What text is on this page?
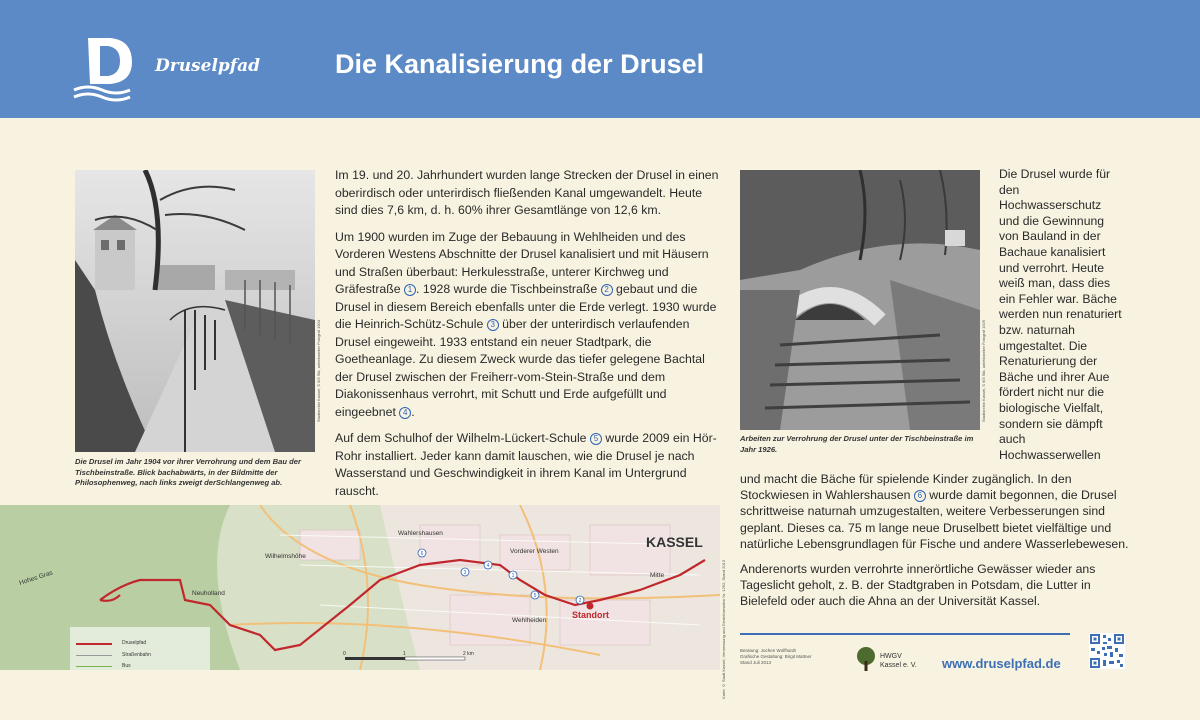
Druselpfad	Die Kanalisierung der Drusel
Stadtarchiv Kassel, S 6/3 Stk, unbekannter Fotograf 1904
Die Drusel im Jahr 1904 vor ihrer Verrohrung und dem Bau der Tischbeinstraße. Blick bachabwärts, in der Bildmitte der Philosophenweg, nach links zweigt derSchlangenweg ab.

Im 19. und 20. Jahrhundert wurden lange Strecken der Drusel in einen oberirdisch oder unterirdisch fließenden Kanal umgewandelt. Heute sind dies 7,6 km, d. h. 60% ihrer Gesamtlänge von 12,6 km.

Um 1900 wurden im Zuge der Bebauung in Wehlheiden und des Vorderen Westens Abschnitte der Drusel kanalisiert und mit Häusern und Straßen überbaut: Herkulesstraße, unterer Kirchweg und Gräfestraße 1 . 1928 wurde die Tischbeinstraße 2 gebaut und die Drusel in diesem Bereich ebenfalls unter die Erde verlegt. 1930 wurde die Heinrich-Schütz-Schule 3 über der unterirdisch verlaufenden Drusel eingeweiht. 1933 entstand ein neuer Stadtpark, die Goetheanlage. Zu diesem Zweck wurde das tiefer gelegene Bachtal der Drusel zwischen der Freiherr-vom-Stein-Straße und dem Diakonissenhaus verrohrt, mit Schutt und Erde aufgefüllt und eingeebnet 4 .

Auf dem Schulhof der Wilhelm-Lückert-Schule 5 wurde 2009 ein Hör-Rohr installiert. Jeder kann damit lauschen, wie die Drusel je nach Wasserstand und Geschwindigkeit in ihrem Kanal im Untergrund rauscht.

Stadtarchiv Kassel, S 6/3 Stk, unbekannter Fotograf 1926
Arbeiten zur Verrohrung der Drusel unter der Tischbeinstraße im Jahr 1926.
Die Drusel wurde für den Hochwasserschutz und die Gewinnung von Bauland in der Bachaue kanalisiert und verrohrt. Heute weiß man, dass dies ein Fehler war. Bäche werden nun renaturiert bzw. naturnah umgestaltet. Die Renaturierung der Bäche und ihrer Aue fördert nicht nur die biologische Vielfalt, sondern sie dämpft auch Hochwasserwellen

und macht die Bäche für spielende Kinder zugänglich. In den Stockwiesen in Wahlershausen 6 wurde damit begonnen, die Drusel schrittweise naturnah umzugestalten, weitere Verbesserungen sind geplant. Dieses ca. 75 m lange neue Druselbett bietet vielfältige und natürliche Lebensgrundlagen für Fische und andere Wasserlebewesen.

Anderenorts wurden verrohrte innerörtliche Gewässer wieder ans Tageslicht geholt, z. B. der Stadtgraben in Potsdam, die Lutter in Bielefeld oder auch die Ahna an der Universität Kassel.

1
2
3
4
5
6
Wahlershausen
Wilhelmshöhe
Vorderer Westen
Neuholland
Wehlheiden
Mitte
Hohes Gras
KASSEL
Standort
0	1	2 km	Karte © Stadt Kassel, Vermessung und Geoinformation Nr. 1262, Stand 2013
Druselpfad
Straßenbahn
Bus
Beratung: Jochen Wolfhardt
Grafische Gestaltung: Birgit Mattner
Stand Juli 2013
HWGV
Kassel e. V. www.druselpfad.de
